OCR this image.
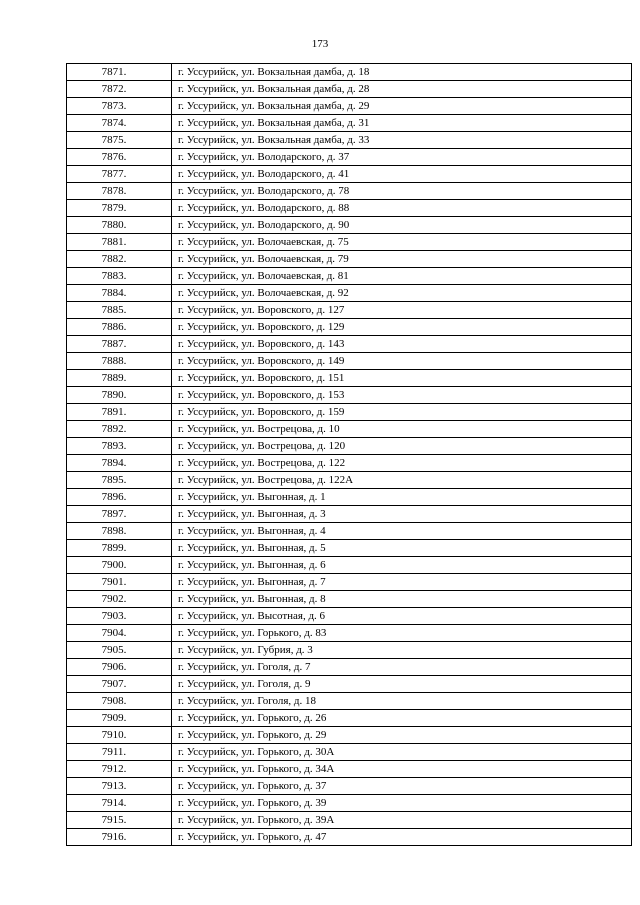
173
7871.	г. Уссурийск, ул. Вокзальная дамба, д. 18
7872.	г. Уссурийск, ул. Вокзальная дамба, д. 28
7873.	г. Уссурийск, ул. Вокзальная дамба, д. 29
7874.	г. Уссурийск, ул. Вокзальная дамба, д. 31
7875.	г. Уссурийск, ул. Вокзальная дамба, д. 33
7876.	г. Уссурийск, ул. Володарского, д. 37
7877.	г. Уссурийск, ул. Володарского, д. 41
7878.	г. Уссурийск, ул. Володарского, д. 78
7879.	г. Уссурийск, ул. Володарского, д. 88
7880.	г. Уссурийск, ул. Володарского, д. 90
7881.	г. Уссурийск, ул. Волочаевская, д. 75
7882.	г. Уссурийск, ул. Волочаевская, д. 79
7883.	г. Уссурийск, ул. Волочаевская, д. 81
7884.	г. Уссурийск, ул. Волочаевская, д. 92
7885.	г. Уссурийск, ул. Воровского, д. 127
7886.	г. Уссурийск, ул. Воровского, д. 129
7887.	г. Уссурийск, ул. Воровского, д. 143
7888.	г. Уссурийск, ул. Воровского, д. 149
7889.	г. Уссурийск, ул. Воровского, д. 151
7890.	г. Уссурийск, ул. Воровского, д. 153
7891.	г. Уссурийск, ул. Воровского, д. 159
7892.	г. Уссурийск, ул. Вострецова, д. 10
7893.	г. Уссурийск, ул. Вострецова, д. 120
7894.	г. Уссурийск, ул. Вострецова, д. 122
7895.	г. Уссурийск, ул. Вострецова, д. 122А
7896.	г. Уссурийск, ул. Выгонная, д. 1
7897.	г. Уссурийск, ул. Выгонная, д. 3
7898.	г. Уссурийск, ул. Выгонная, д. 4
7899.	г. Уссурийск, ул. Выгонная, д. 5
7900.	г. Уссурийск, ул. Выгонная, д. 6
7901.	г. Уссурийск, ул. Выгонная, д. 7
7902.	г. Уссурийск, ул. Выгонная, д. 8
7903.	г. Уссурийск, ул. Высотная, д. 6
7904.	г. Уссурийск, ул. Горького, д. 83
7905.	г. Уссурийск, ул. Губрия, д. 3
7906.	г. Уссурийск, ул. Гоголя, д. 7
7907.	г. Уссурийск, ул. Гоголя, д. 9
7908.	г. Уссурийск, ул. Гоголя, д. 18
7909.	г. Уссурийск, ул. Горького, д. 26
7910.	г. Уссурийск, ул. Горького, д. 29
7911.	г. Уссурийск, ул. Горького, д. 30А
7912.	г. Уссурийск, ул. Горького, д. 34А
7913.	г. Уссурийск, ул. Горького, д. 37
7914.	г. Уссурийск, ул. Горького, д. 39
7915.	г. Уссурийск, ул. Горького, д. 39А
7916.	г. Уссурийск, ул. Горького, д. 47
